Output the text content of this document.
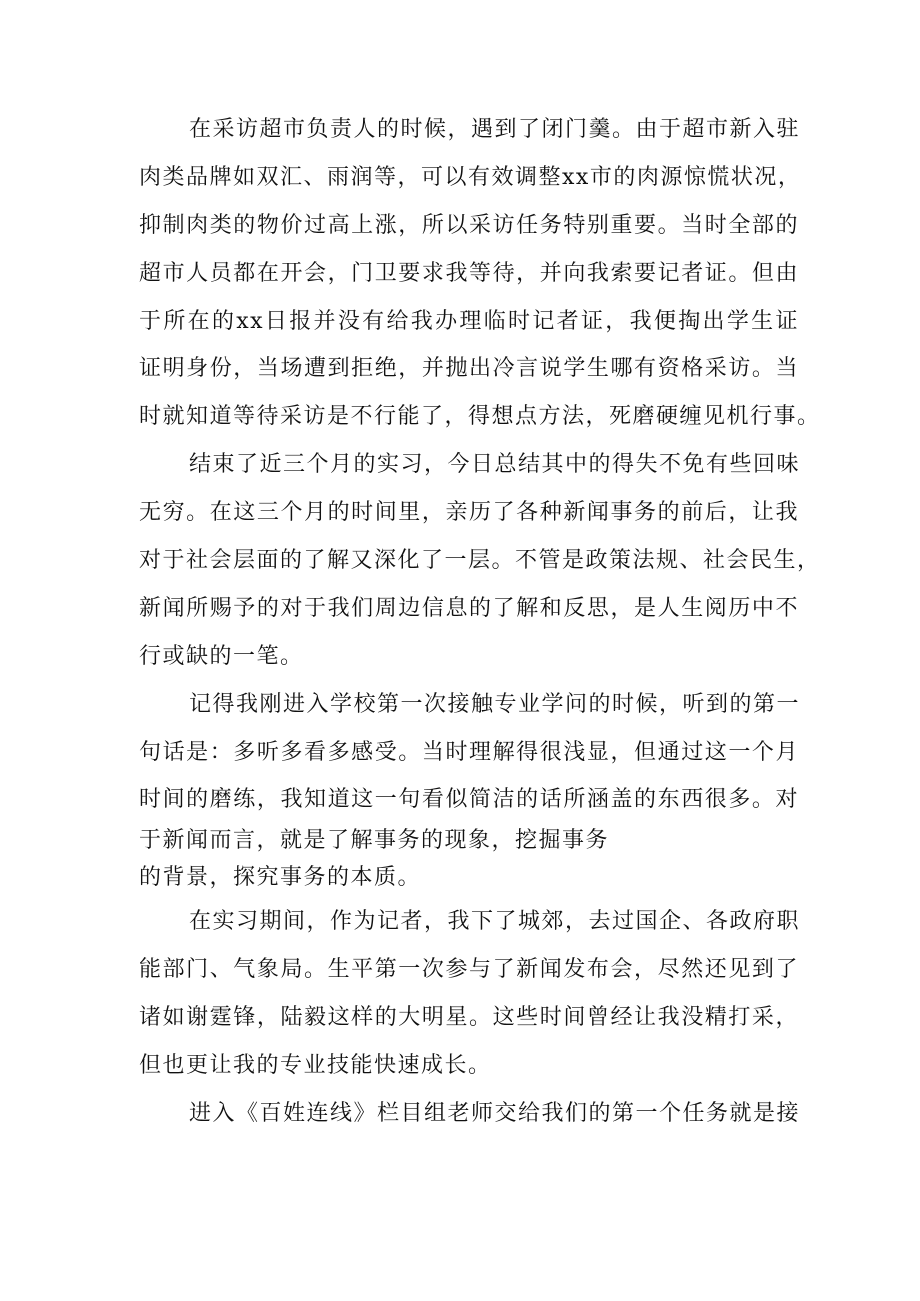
在采访超市负责人的时候，遇到了闭门羹。由于超市新入驻
肉类品牌如双汇、雨润等，可以有效调整xx市的肉源惊慌状况，
抑制肉类的物价过高上涨，所以采访任务特别重要。当时全部的
超市人员都在开会，门卫要求我等待，并向我索要记者证。但由
于所在的xx日报并没有给我办理临时记者证，我便掏出学生证
证明身份，当场遭到拒绝，并抛出冷言说学生哪有资格采访。当
时就知道等待采访是不行能了，得想点方法，死磨硬缠见机行事。
结束了近三个月的实习，今日总结其中的得失不免有些回味
无穷。在这三个月的时间里，亲历了各种新闻事务的前后，让我
对于社会层面的了解又深化了一层。不管是政策法规、社会民生，
新闻所赐予的对于我们周边信息的了解和反思，是人生阅历中不
行或缺的一笔。
记得我刚进入学校第一次接触专业学问的时候，听到的第一
句话是：多听多看多感受。当时理解得很浅显，但通过这一个月
时间的磨练，我知道这一句看似简洁的话所涵盖的东西很多。对
于新闻而言，就是了解事务的现象，挖掘事务
的背景，探究事务的本质。
在实习期间，作为记者，我下了城郊，去过国企、各政府职
能部门、气象局。生平第一次参与了新闻发布会，尽然还见到了
诸如谢霆锋，陆毅这样的大明星。这些时间曾经让我没精打采，
但也更让我的专业技能快速成长。
进入《百姓连线》栏目组老师交给我们的第一个任务就是接
